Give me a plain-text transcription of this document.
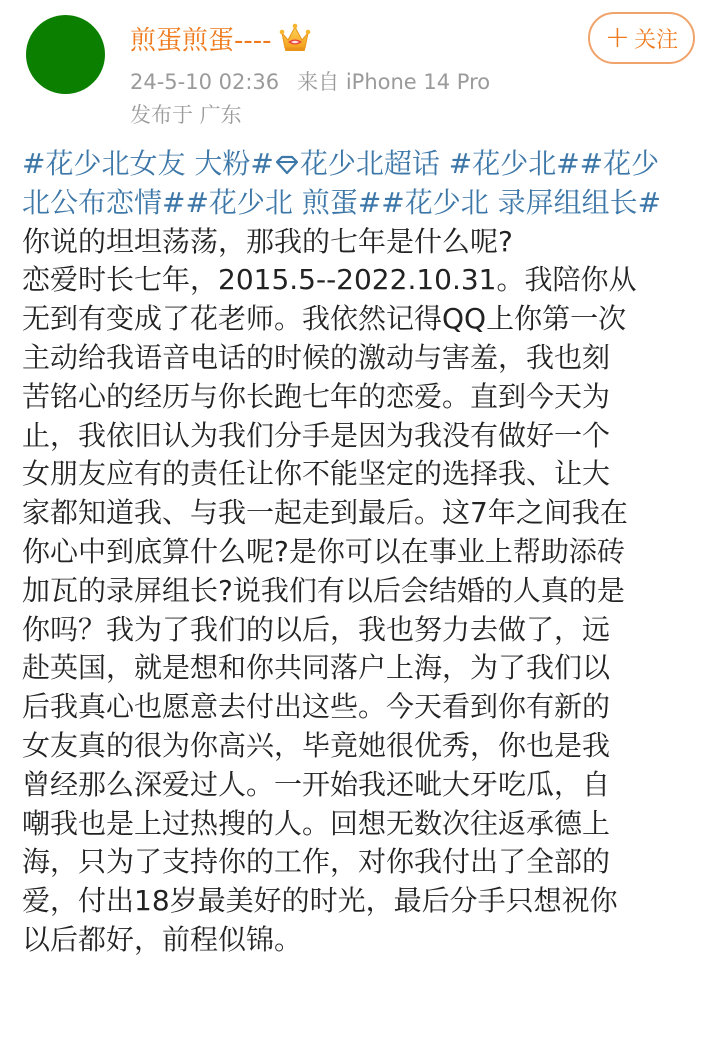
煎蛋煎蛋----
24-5-10 02:36 来自 iPhone 14 Pro
发布于 广东
+ 关注
#花少北女友 大粉# 花少北超话 #花少北##花少
北公布恋情##花少北 煎蛋##花少北 录屏组组长#
你说的坦坦荡荡，那我的七年是什么呢?
恋爱时长七年，2015.5--2022.10.31。我陪你从
无到有变成了花老师。我依然记得QQ上你第一次
主动给我语音电话的时候的激动与害羞，我也刻
苦铭心的经历与你长跑七年的恋爱。直到今天为
止，我依旧认为我们分手是因为我没有做好一个
女朋友应有的责任让你不能坚定的选择我、让大
家都知道我、与我一起走到最后。这7年之间我在
你心中到底算什么呢?是你可以在事业上帮助添砖
加瓦的录屏组长?说我们有以后会结婚的人真的是
你吗？我为了我们的以后，我也努力去做了，远
赴英国，就是想和你共同落户上海，为了我们以
后我真心也愿意去付出这些。今天看到你有新的
女友真的很为你高兴，毕竟她很优秀，你也是我
曾经那么深爱过人。一开始我还呲大牙吃瓜，自
嘲我也是上过热搜的人。回想无数次往返承德上
海，只为了支持你的工作，对你我付出了全部的
爱，付出18岁最美好的时光，最后分手只想祝你
以后都好，前程似锦。
